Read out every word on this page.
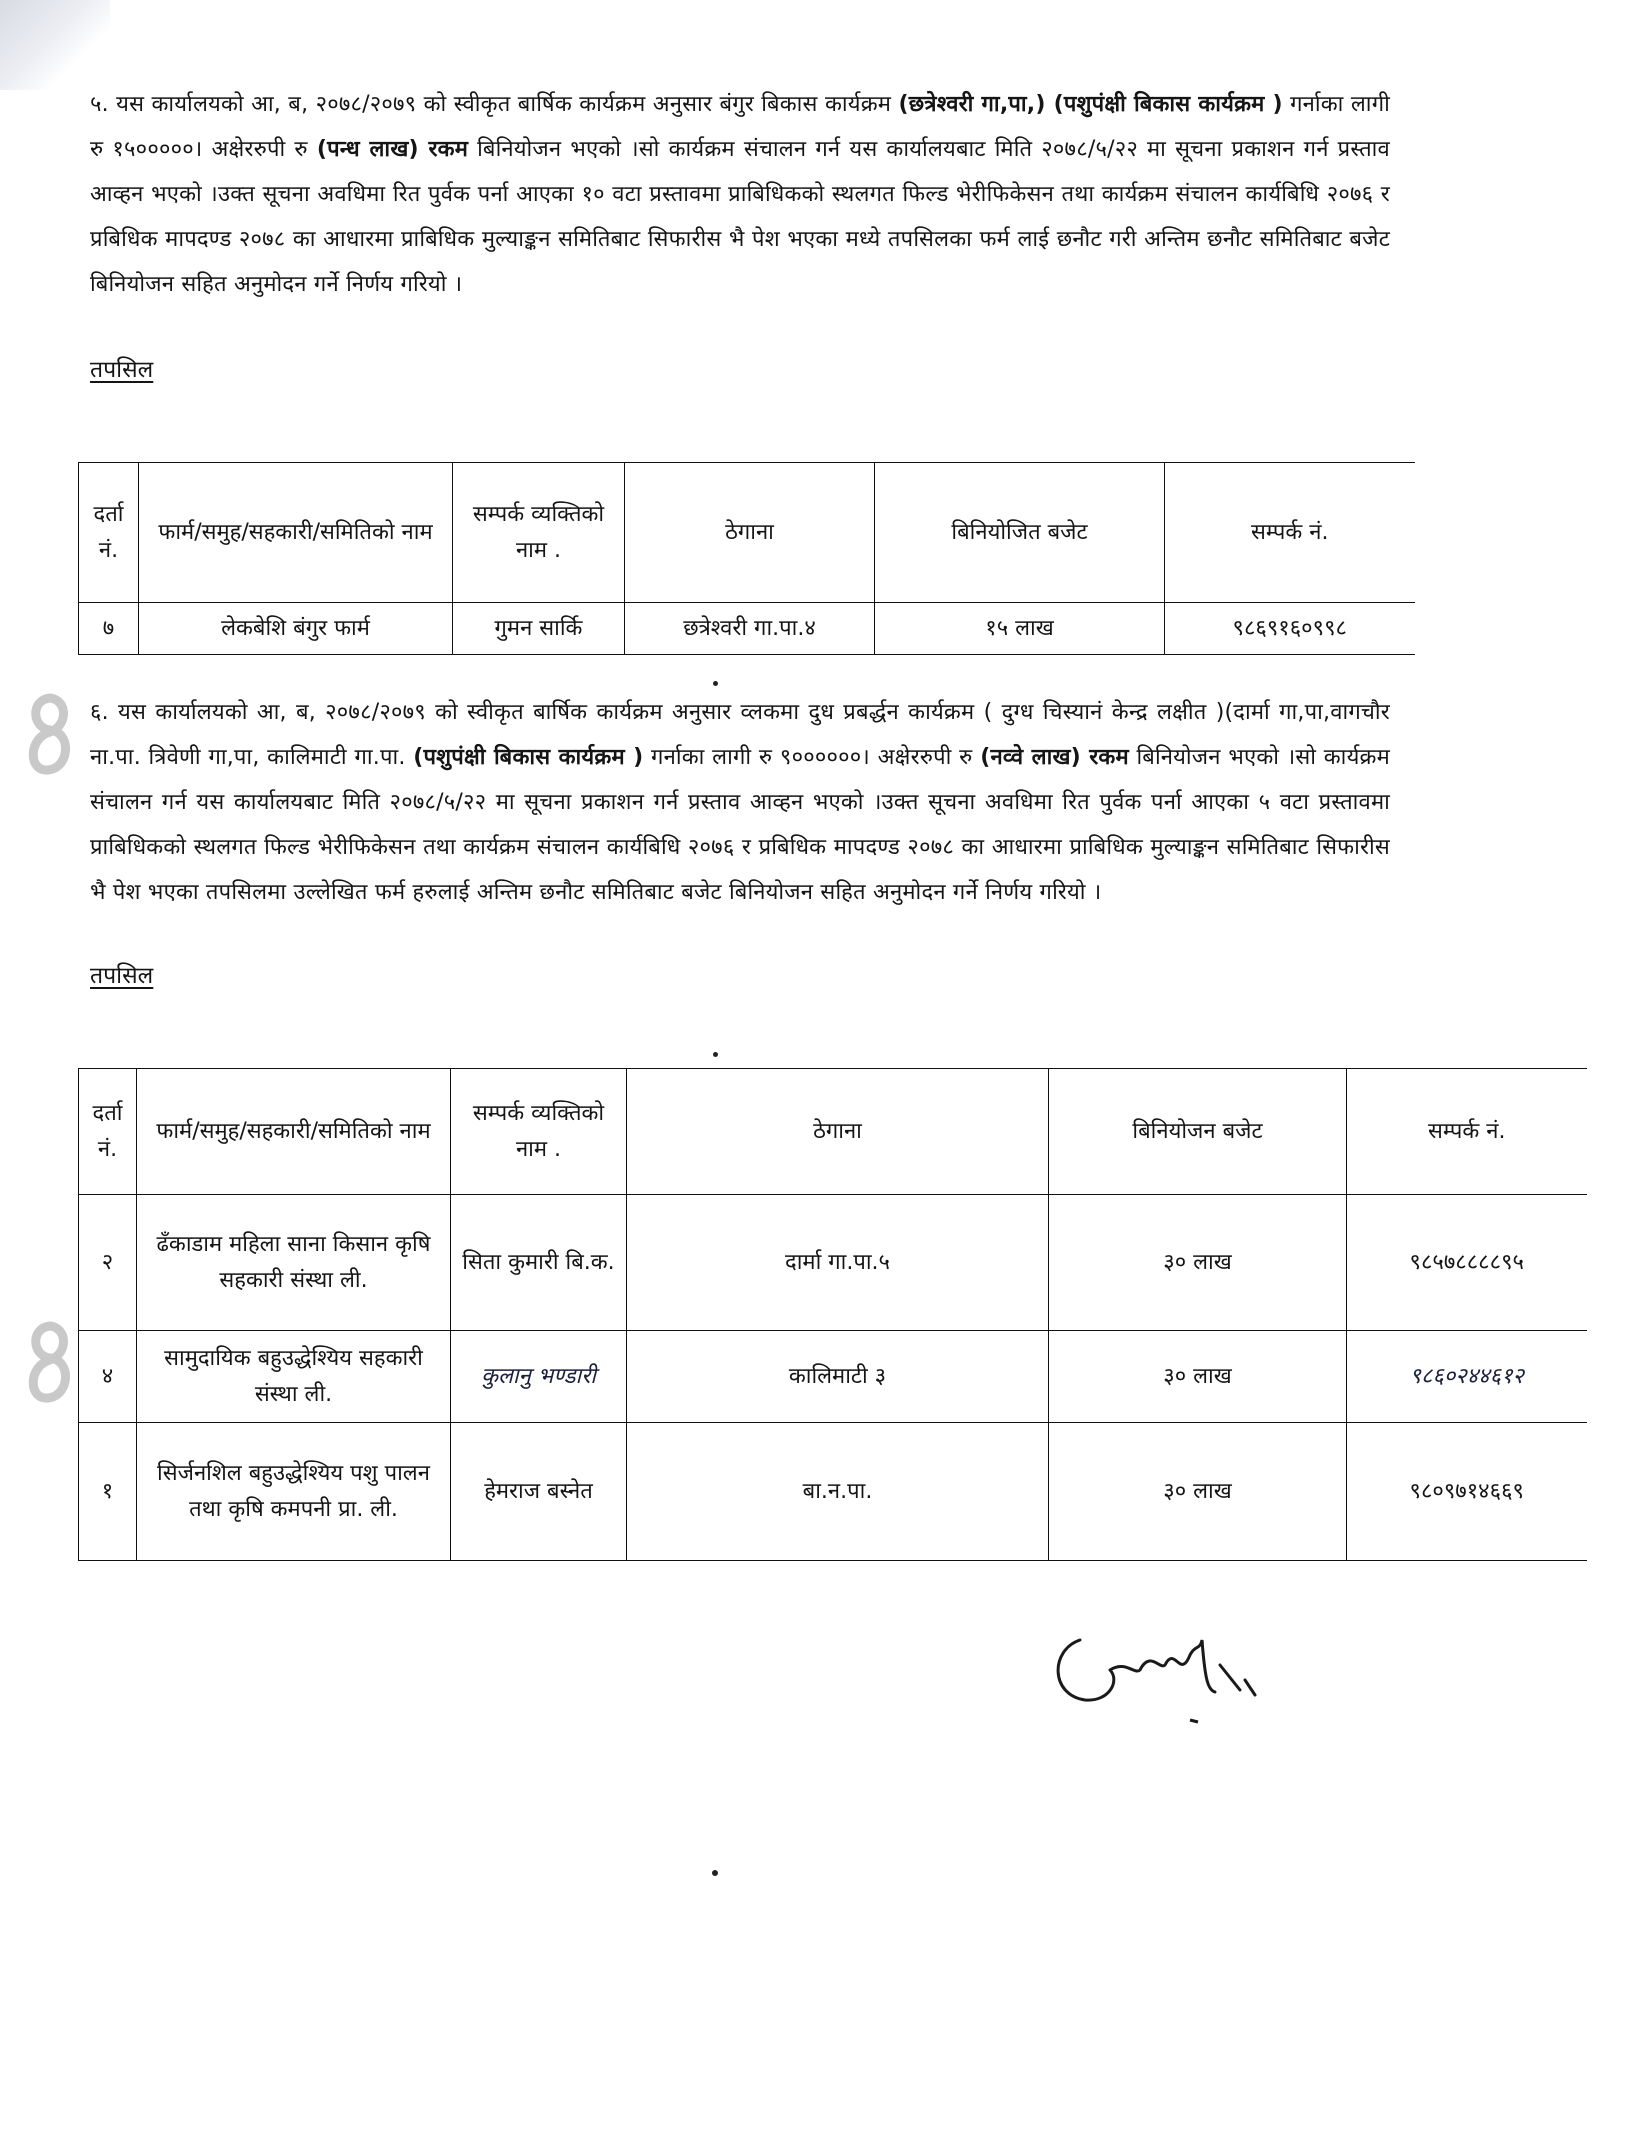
५. यस कार्यालयको आ, ब, २०७८/२०७९ को स्वीकृत बार्षिक कार्यक्रम अनुसार बंगुर बिकास कार्यक्रम (छत्रेश्वरी गा,पा,) (पशुपंक्षी बिकास कार्यक्रम ) गर्नाका लागी रु १५०००००। अक्षेररुपी रु (पन्ध लाख) रकम बिनियोजन भएको ।सो कार्यक्रम संचालन गर्न यस कार्यालयबाट मिति २०७८/५/२२ मा सूचना प्रकाशन गर्न प्रस्ताव आव्हन भएको ।उक्त सूचना अवधिमा रित पुर्वक पर्ना आएका १० वटा प्रस्तावमा प्राबिधिकको स्थलगत फिल्ड भेरीफिकेसन तथा कार्यक्रम संचालन कार्यबिधि २०७६ र प्रबिधिक मापदण्ड २०७८ का आधारमा प्राबिधिक मुल्याङ्कन समितिबाट सिफारीस भै पेश भएका मध्ये तपसिलका फर्म लाई छनौट गरी अन्तिम छनौट समितिबाट बजेट बिनियोजन सहित अनुमोदन गर्ने निर्णय गरियो ।

तपसिल
दर्ता नं.	फार्म/समुह/सहकारी/समितिको नाम	सम्पर्क व्यक्तिको नाम .	ठेगाना	बिनियोजित बजेट	सम्पर्क नं.
७	लेकबेशि बंगुर फार्म	गुमन सार्कि	छत्रेश्वरी गा.पा.४	१५ लाख	९८६९१६०९९८

६. यस कार्यालयको आ, ब, २०७८/२०७९ को स्वीकृत बार्षिक कार्यक्रम अनुसार व्लकमा दुध प्रबर्द्धन कार्यक्रम ( दुग्ध चिस्यानं केन्द्र लक्षीत )(दार्मा गा,पा,वागचौर ना.पा. त्रिवेणी गा,पा, कालिमाटी गा.पा. (पशुपंक्षी बिकास कार्यक्रम ) गर्नाका लागी रु ९००००००। अक्षेररुपी रु (नव्वे लाख) रकम बिनियोजन भएको ।सो कार्यक्रम संचालन गर्न यस कार्यालयबाट मिति २०७८/५/२२ मा सूचना प्रकाशन गर्न प्रस्ताव आव्हन भएको ।उक्त सूचना अवधिमा रित पुर्वक पर्ना आएका ५ वटा प्रस्तावमा प्राबिधिकको स्थलगत फिल्ड भेरीफिकेसन तथा कार्यक्रम संचालन कार्यबिधि २०७६ र प्रबिधिक मापदण्ड २०७८ का आधारमा प्राबिधिक मुल्याङ्कन समितिबाट सिफारीस भै पेश भएका तपसिलमा उल्लेखित फर्म हरुलाई अन्तिम छनौट समितिबाट बजेट बिनियोजन सहित अनुमोदन गर्ने निर्णय गरियो ।

तपसिल
दर्ता नं.	फार्म/समुह/सहकारी/समितिको नाम	सम्पर्क व्यक्तिको नाम .	ठेगाना	बिनियोजन बजेट	सम्पर्क नं.
२	ढँकाडाम महिला साना किसान कृषि सहकारी संस्था ली.	सिता कुमारी बि.क.	दार्मा गा.पा.५	३० लाख	९८५७८८८८९५
४	सामुदायिक बहुउद्धेश्यिय सहकारी संस्था ली.	कुलानु भण्डारी	कालिमाटी ३	३० लाख	९८६०२४४६१२
१	सिर्जनशिल बहुउद्धेश्यिय पशु पालन तथा कृषि कमपनी प्रा. ली.	हेमराज बस्नेत	बा.न.पा.	३० लाख	९८०९७१४६६९
